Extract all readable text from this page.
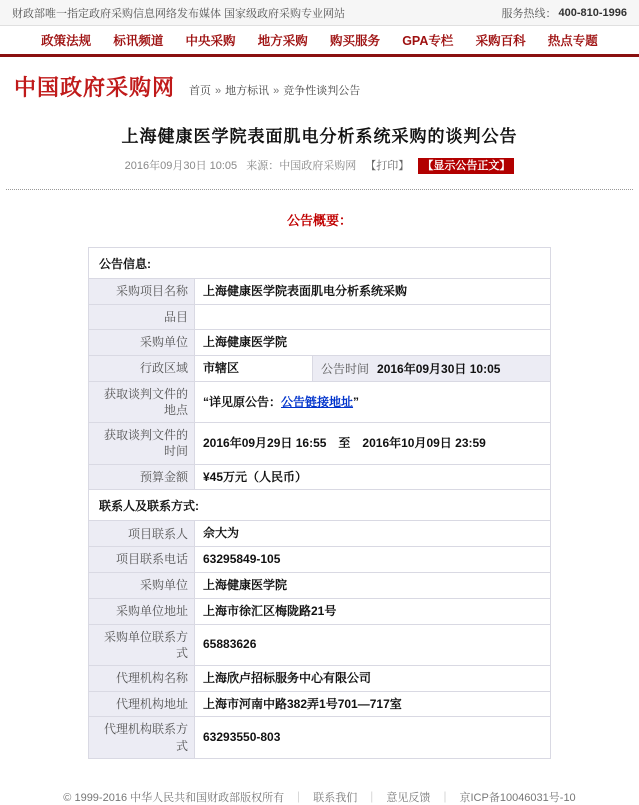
财政部唯一指定政府采购信息网络发布媒体 国家级政府采购专业网站	服务热线： 400-810-1996
政策法规 标讯频道 中央采购 地方采购 购买服务 GPA专栏 采购百科 热点专题
中国政府采购网 首页 » 地方标讯 » 竞争性谈判公告
上海健康医学院表面肌电分析系统采购的谈判公告
2016年09月30日 10:05 来源：中国政府采购网 【打印】 【显示公告正文】
公告概要：
公告信息:		
采购项目名称	上海健康医学院表面肌电分析系统采购	
品目		
采购单位	上海健康医学院	
行政区域	市辖区	公告时间 2016年09月30日 10:05
获取谈判文件的地点	“详见原公告：公告链接地址”	
获取谈判文件的时间	2016年09月29日 16:55　至　2016年10月09日 23:59	
预算金额	¥45万元（人民币）	
联系人及联系方式:		
项目联系人	佘大为	
项目联系电话	63295849-105	
采购单位	上海健康医学院	
采购单位地址	上海市徐汇区梅陇路21号	
采购单位联系方式	65883626	
代理机构名称	上海欣卢招标服务中心有限公司	
代理机构地址	上海市河南中路382弄1号701—717室	
代理机构联系方式	63293550-803	
© 1999-2016 中华人民共和国财政部版权所有 ｜ 联系我们 ｜ 意见反馈 ｜ 京ICP备10046031号-10
